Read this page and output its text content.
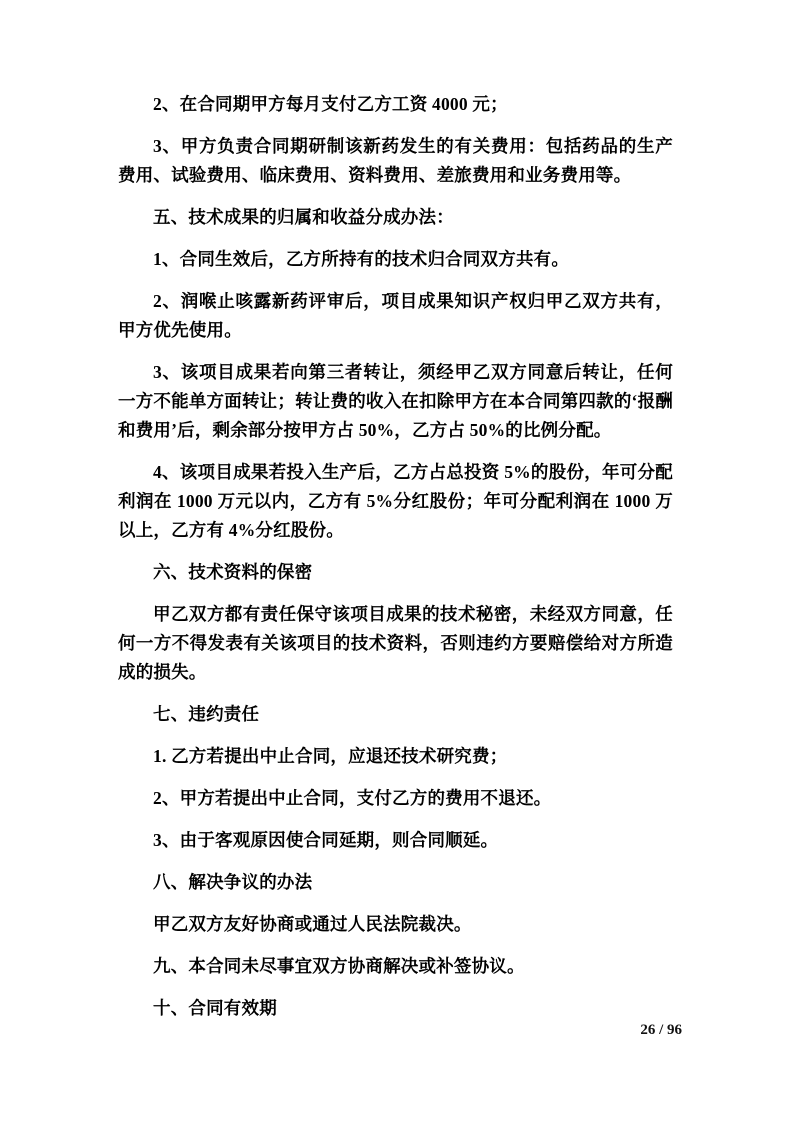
2、在合同期甲方每月支付乙方工资 4000 元；

3、甲方负责合同期研制该新药发生的有关费用：包括药品的生产费用、试验费用、临床费用、资料费用、差旅费用和业务费用等。

五、技术成果的归属和收益分成办法：

1、合同生效后，乙方所持有的技术归合同双方共有。

2、润喉止咳露新药评审后，项目成果知识产权归甲乙双方共有，甲方优先使用。

3、该项目成果若向第三者转让，须经甲乙双方同意后转让，任何一方不能单方面转让；转让费的收入在扣除甲方在本合同第四款的‘报酬和费用’后，剩余部分按甲方占 50%，乙方占 50%的比例分配。

4、该项目成果若投入生产后，乙方占总投资 5%的股份，年可分配利润在 1000 万元以内，乙方有 5%分红股份；年可分配利润在 1000 万以上，乙方有 4%分红股份。

六、技术资料的保密

甲乙双方都有责任保守该项目成果的技术秘密，未经双方同意，任何一方不得发表有关该项目的技术资料，否则违约方要赔偿给对方所造成的损失。

七、违约责任

1. 乙方若提出中止合同，应退还技术研究费；

2、甲方若提出中止合同，支付乙方的费用不退还。

3、由于客观原因使合同延期，则合同顺延。

八、解决争议的办法

甲乙双方友好协商或通过人民法院裁决。

九、本合同未尽事宜双方协商解决或补签协议。

十、合同有效期

26 / 96
